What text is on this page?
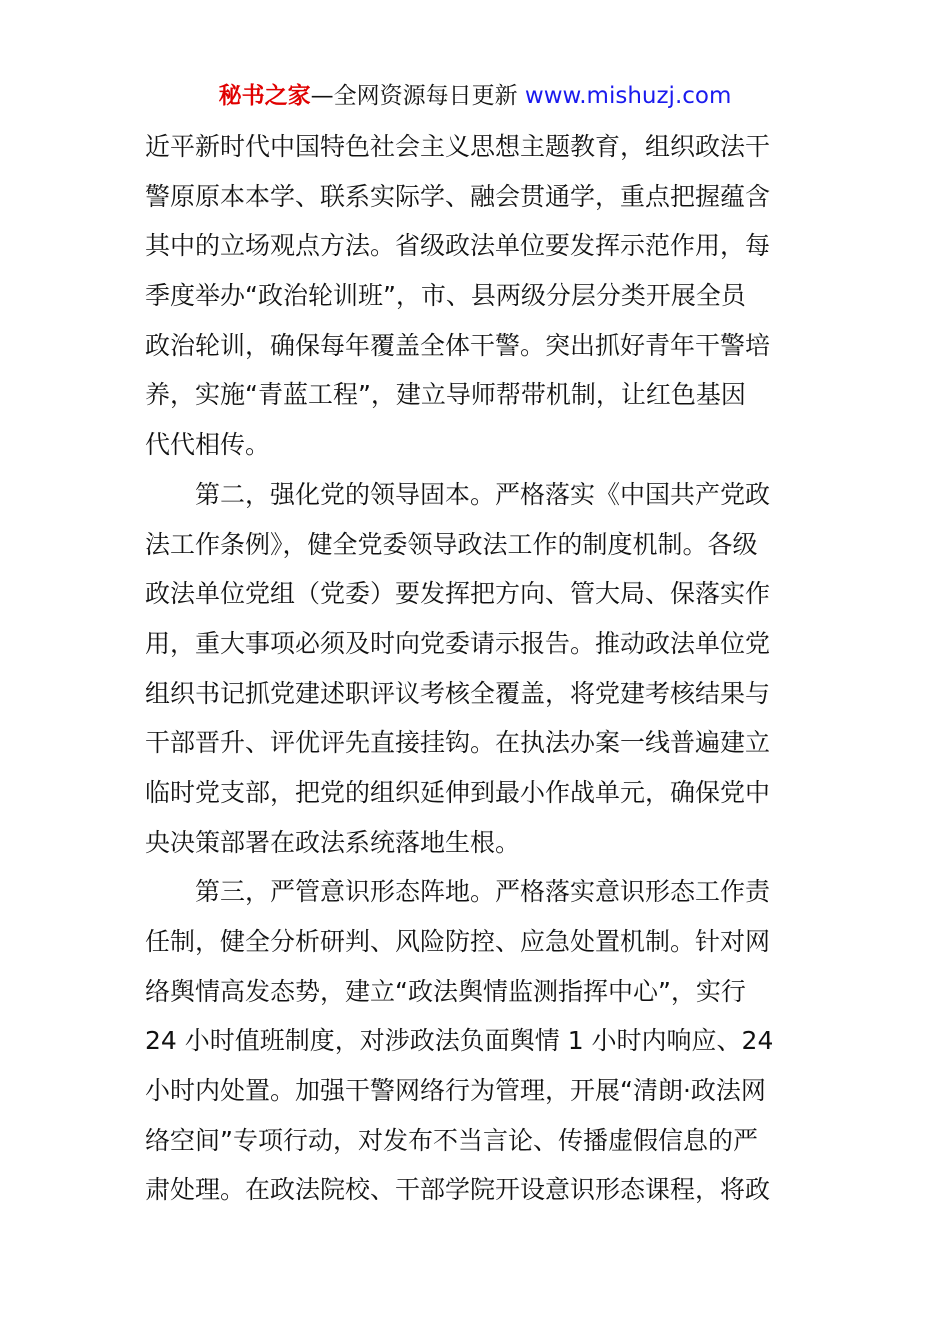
秘书之家—全网资源每日更新 www.mishuzj.com
近平新时代中国特色社会主义思想主题教育，组织政法干
警原原本本学、联系实际学、融会贯通学，重点把握蕴含
其中的立场观点方法。省级政法单位要发挥示范作用，每
季度举办“政治轮训班”，市、县两级分层分类开展全员
政治轮训，确保每年覆盖全体干警。突出抓好青年干警培
养，实施“青蓝工程”，建立导师帮带机制，让红色基因
代代相传。
　　第二，强化党的领导固本。严格落实《中国共产党政
法工作条例》，健全党委领导政法工作的制度机制。各级
政法单位党组（党委）要发挥把方向、管大局、保落实作
用，重大事项必须及时向党委请示报告。推动政法单位党
组织书记抓党建述职评议考核全覆盖，将党建考核结果与
干部晋升、评优评先直接挂钩。在执法办案一线普遍建立
临时党支部，把党的组织延伸到最小作战单元，确保党中
央决策部署在政法系统落地生根。
　　第三，严管意识形态阵地。严格落实意识形态工作责
任制，健全分析研判、风险防控、应急处置机制。针对网
络舆情高发态势，建立“政法舆情监测指挥中心”，实行
24 小时值班制度，对涉政法负面舆情 1 小时内响应、24
小时内处置。加强干警网络行为管理，开展“清朗·政法网
络空间”专项行动，对发布不当言论、传播虚假信息的严
肃处理。在政法院校、干部学院开设意识形态课程，将政
